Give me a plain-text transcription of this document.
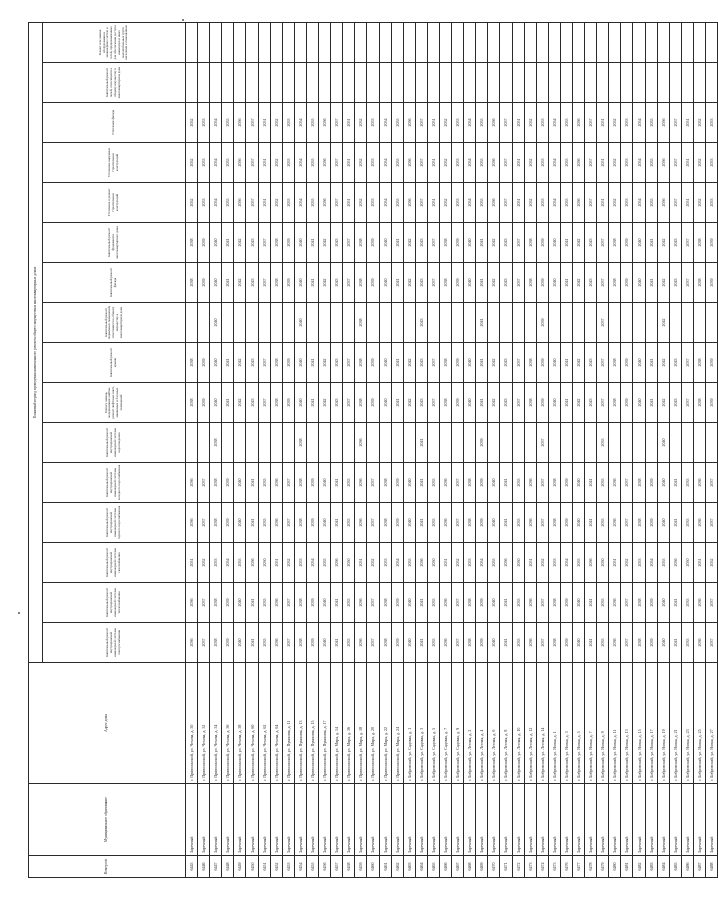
Номер п/п	Муниципальное образование	Адрес дома	Плановый период проведения капитального ремонта общего имущества в многоквартирных домах															
			Капитальный ремонт внутридомовой инженерной системы электроснабжения	Капитальный ремонт внутридомовой инженерной системы теплоснабжения	Капитальный ремонт внутридомовой инженерной системы газоснабжения	Капитальный ремонт внутридомовой инженерной системы горячего водоснабжения	Капитальный ремонт внутридомовой инженерной системы холодного водоснабжения	Капитальный ремонт внутридомовой инженерной системы водоотведения	Ремонт, замена, модернизация лифтов, ремонт лифтовых шахт, машинных и блочных помещений	Капитальный ремонт крыши	Капитальный ремонт подвальных помещений, относящихся к общему имуществу в многоквартирном доме	Капитальный ремонт фасада	Капитальный ремонт фундамента многоквартирного дома	Утепление и ремонт строительных конструкций	Утепление наружных строительных конструкций	Утепление фасада	Капитальный ремонт печей, относящихся к общему имуществу в многоквартирном доме	Ремонт или замена оборудования и инженерных систем и сетей, предназначенных для обеспечения доступа инвалидов и иных маломобильных групп населения к помещениям
6445	Заречный	г. Приволжский, ул. Чехова, д. 50	2036	2036	2051	2036	2036		2038	2038		2038	2038	2052	2052	2052		
6446	Заречный	г. Приволжский, ул. Чехова, д. 52	2037	2037	2052	2037	2037		2039	2039		2039	2039	2053	2053	2053		
6447	Заречный	г. Приволжский, ул. Чехова, д. 54	2038	2038	2053	2038	2038	2038	2040	2040	2040	2040	2040	2054	2054	2054		
6448	Заречный	г. Приволжский, ул. Чехова, д. 56	2039	2039	2054	2039	2039		2041	2041		2041	2041	2055	2055	2055		
6449	Заречный	г. Приволжский, ул. Чехова, д. 58	2040	2040	2055	2040	2040		2042	2042		2042	2042	2056	2056	2056		
6450	Заречный	г. Приволжский, ул. Чехова, д. 60	2041	2041	2056	2041	2041		2043	2043		2043	2043	2057	2057	2057		
6451	Заречный	г. Приволжский, ул. Чехова, д. 62	2035	2035	2050	2035	2035		2037	2037		2037	2037	2051	2051	2051		
6452	Заречный	г. Приволжский, ул. Чехова, д. 64	2036	2036	2051	2036	2036		2038	2038		2038	2038	2052	2052	2052		
6453	Заречный	г. Приволжский, ул. Пушкина, д. 11	2037	2037	2052	2037	2037		2039	2039		2039	2039	2053	2053	2053		
6454	Заречный	г. Приволжский, ул. Пушкина, д. 13	2038	2038	2053	2038	2038	2038	2040	2040	2040	2040	2040	2054	2054	2054		
6455	Заречный	г. Приволжский, ул. Пушкина, д. 15	2039	2039	2054	2039	2039		2041	2041		2041	2041	2055	2055	2055		
6456	Заречный	г. Приволжский, ул. Пушкина, д. 17	2040	2040	2055	2040	2040		2042	2042		2042	2042	2056	2056	2056		
6457	Заречный	г. Приволжский, ул. Мира, д. 14	2041	2041	2056	2041	2041		2043	2043		2043	2043	2057	2057	2057		
6458	Заречный	г. Приволжский, ул. Мира, д. 16	2035	2035	2050	2035	2035		2037	2037		2037	2037	2051	2051	2051		
6459	Заречный	г. Приволжский, ул. Мира, д. 18	2036	2036	2051	2036	2036	2036	2038	2038	2038	2038	2038	2052	2052	2052		
6460	Заречный	г. Приволжский, ул. Мира, д. 20	2037	2037	2052	2037	2037		2039	2039		2039	2039	2053	2053	2053		
6461	Заречный	г. Приволжский, ул. Мира, д. 22	2038	2038	2053	2038	2038		2040	2040		2040	2040	2054	2054	2054		
6462	Заречный	г. Приволжский, ул. Мира, д. 24	2039	2039	2054	2039	2039		2041	2041		2041	2041	2055	2055	2055		
6463	Заречный	г. Бобровский, ул. Садовая, д. 1	2040	2040	2055	2040	2040		2042	2042		2042	2042	2056	2056	2056		
6464	Заречный	г. Бобровский, ул. Садовая, д. 3	2041	2041	2056	2041	2041	2041	2043	2043	2043	2043	2043	2057	2057	2057		
6465	Заречный	г. Бобровский, ул. Садовая, д. 5	2035	2035	2050	2035	2035		2037	2037		2037	2037	2051	2051	2051		
6466	Заречный	г. Бобровский, ул. Садовая, д. 7	2036	2036	2051	2036	2036		2038	2038		2038	2038	2052	2052	2052		
6467	Заречный	г. Бобровский, ул. Садовая, д. 9	2037	2037	2052	2037	2037		2039	2039		2039	2039	2053	2053	2053		
6468	Заречный	г. Бобровский, ул. Лесная, д. 2	2038	2038	2053	2038	2038		2040	2040		2040	2040	2054	2054	2054		
6469	Заречный	г. Бобровский, ул. Лесная, д. 4	2039	2039	2054	2039	2039	2039	2041	2041	2041	2041	2041	2055	2055	2055		
6470	Заречный	г. Бобровский, ул. Лесная, д. 6	2040	2040	2055	2040	2040		2042	2042		2042	2042	2056	2056	2056		
6471	Заречный	г. Бобровский, ул. Лесная, д. 8	2041	2041	2056	2041	2041		2043	2043		2043	2043	2057	2057	2057		
6472	Заречный	г. Бобровский, ул. Лесная, д. 10	2035	2035	2050	2035	2035		2037	2037		2037	2037	2051	2051	2051		
6473	Заречный	г. Бобровский, ул. Лесная, д. 12	2036	2036	2051	2036	2036		2038	2038		2038	2038	2052	2052	2052		
6474	Заречный	г. Бобровский, ул. Лесная, д. 14	2037	2037	2052	2037	2037	2037	2039	2039	2039	2039	2039	2053	2053	2053		
6475	Заречный	г. Бобровский, ул. Новая, д. 1	2038	2038	2053	2038	2038		2040	2040		2040	2040	2054	2054	2054		
6476	Заречный	г. Бобровский, ул. Новая, д. 3	2039	2039	2054	2039	2039		2041	2041		2041	2041	2055	2055	2055		
6477	Заречный	г. Бобровский, ул. Новая, д. 5	2040	2040	2055	2040	2040		2042	2042		2042	2042	2056	2056	2056		
6478	Заречный	г. Бобровский, ул. Новая, д. 7	2041	2041	2056	2041	2041		2043	2043		2043	2043	2057	2057	2057		
6479	Заречный	г. Бобровский, ул. Новая, д. 9	2035	2035	2050	2035	2035	2035	2037	2037	2037	2037	2037	2051	2051	2051		
6480	Заречный	г. Бобровский, ул. Новая, д. 11	2036	2036	2051	2036	2036		2038	2038		2038	2038	2052	2052	2052		
6481	Заречный	г. Бобровский, ул. Новая, д. 13	2037	2037	2052	2037	2037		2039	2039		2039	2039	2053	2053	2053		
6482	Заречный	г. Бобровский, ул. Новая, д. 15	2038	2038	2053	2038	2038		2040	2040		2040	2040	2054	2054	2054		
6483	Заречный	г. Бобровский, ул. Новая, д. 17	2039	2039	2054	2039	2039		2041	2041		2041	2041	2055	2055	2055		
6484	Заречный	г. Бобровский, ул. Новая, д. 19	2040	2040	2055	2040	2040	2040	2042	2042	2042	2042	2042	2056	2056	2056		
6485	Заречный	г. Бобровский, ул. Новая, д. 21	2041	2041	2056	2041	2041		2043	2043		2043	2043	2057	2057	2057		
6486	Заречный	г. Бобровский, ул. Новая, д. 23	2035	2035	2050	2035	2035		2037	2037		2037	2037	2051	2051	2051		
6487	Заречный	г. Бобровский, ул. Новая, д. 25	2036	2036	2051	2036	2036		2038	2038		2038	2038	2052	2052	2052		
6488	Заречный	г. Бобровский, ул. Новая, д. 27	2037	2037	2052	2037	2037		2039	2039		2039	2039	2053	2053	2053		
